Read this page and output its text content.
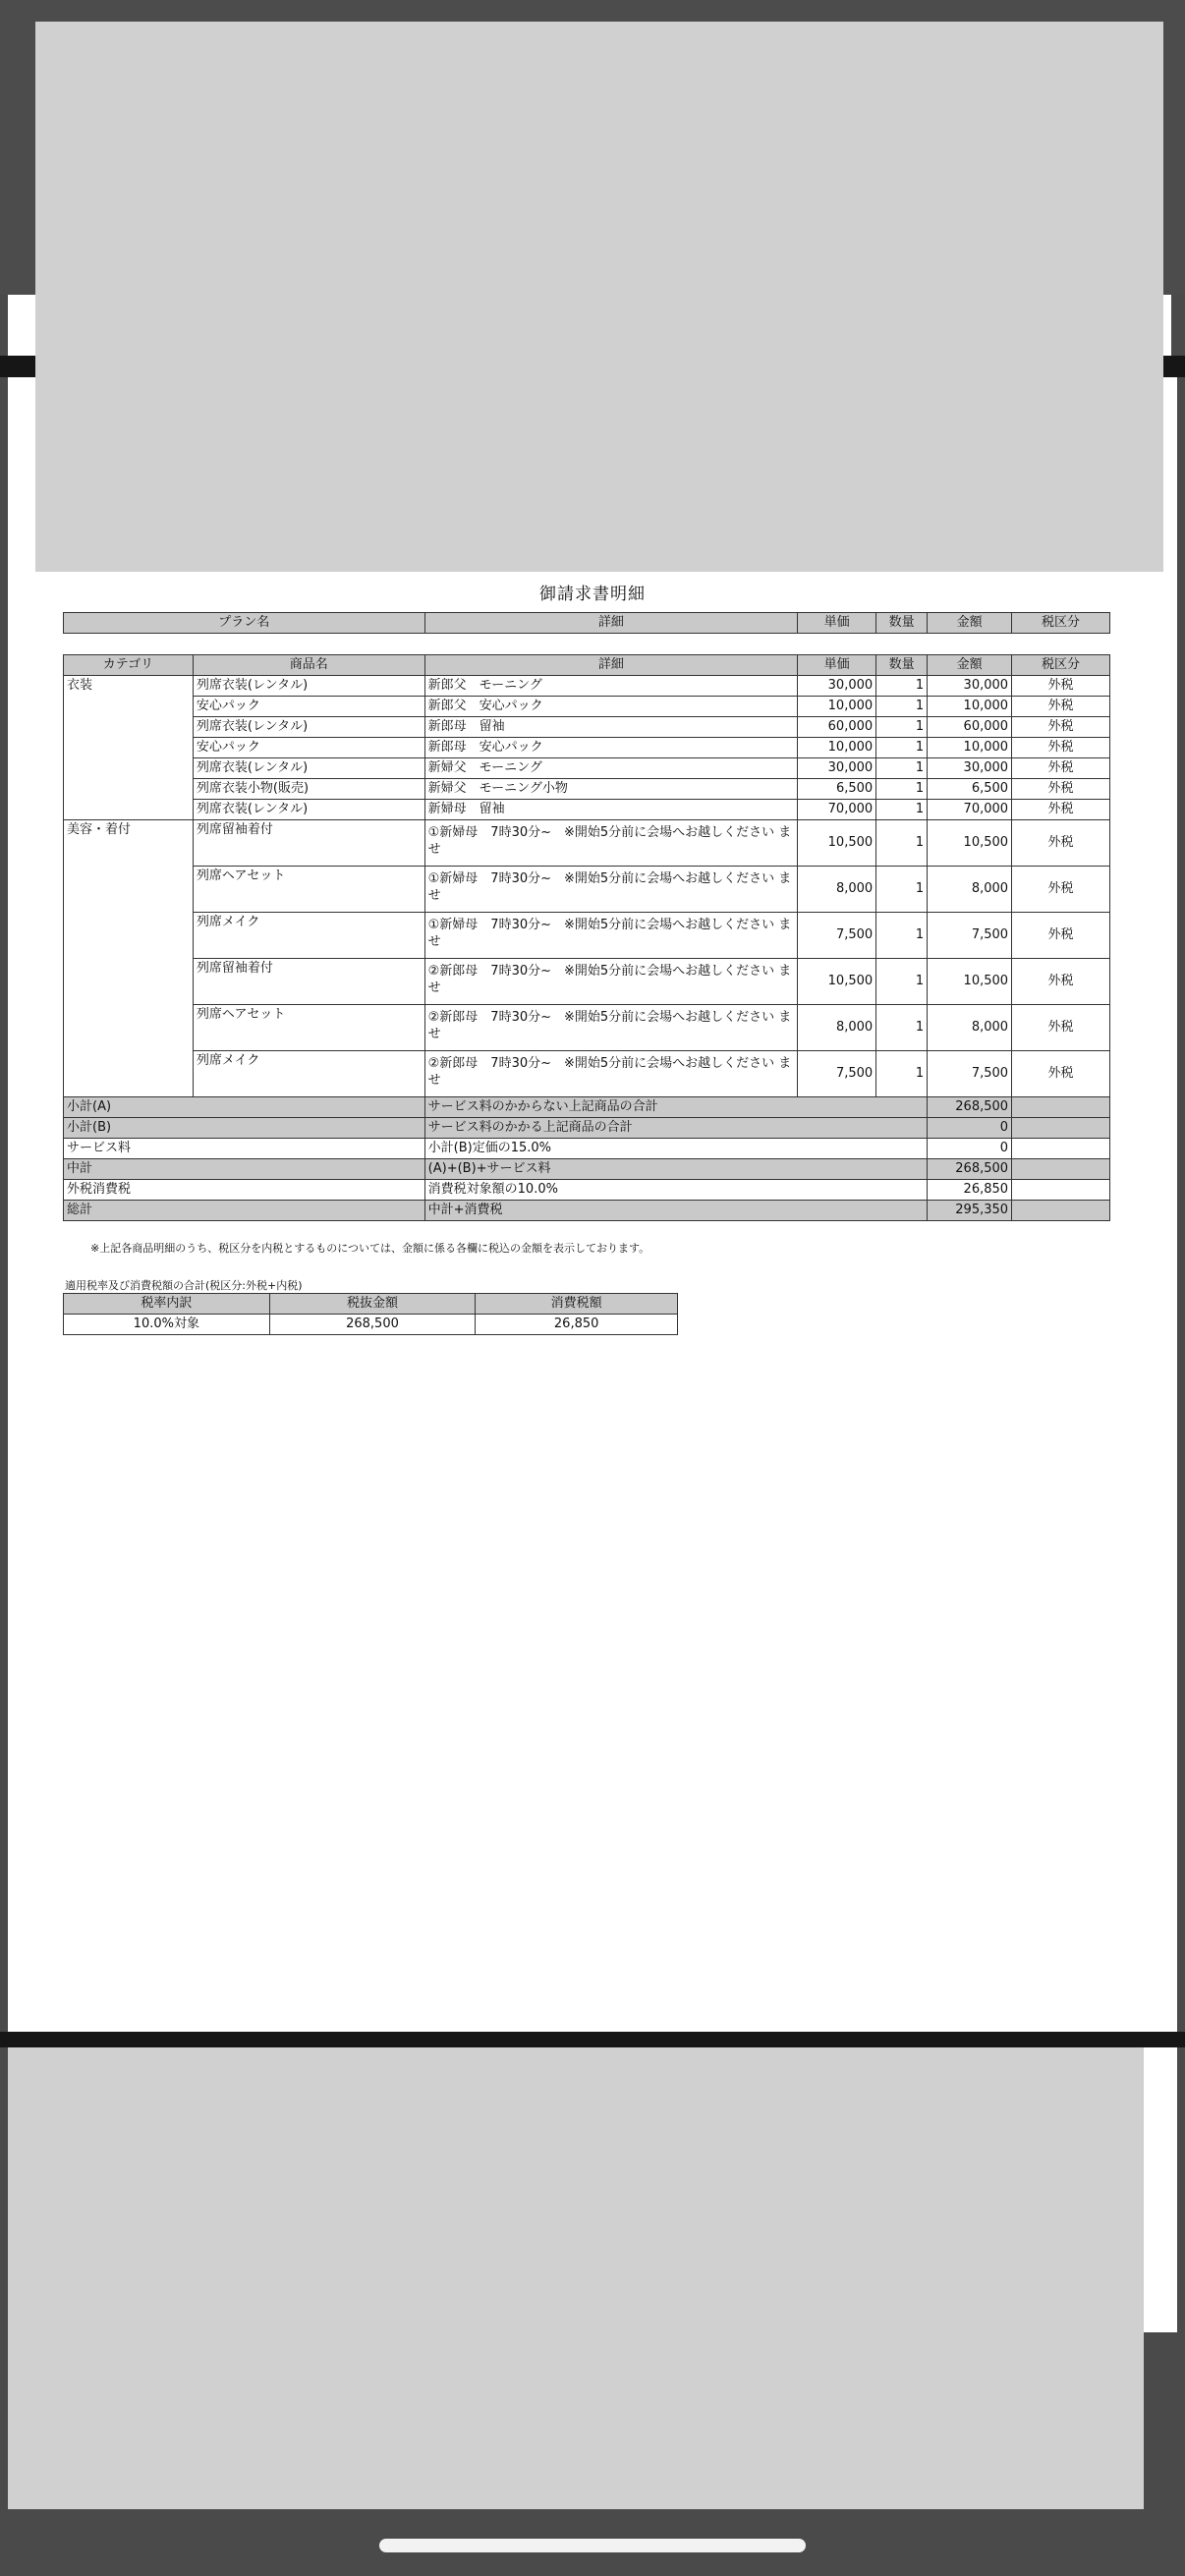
御請求書明細
プラン名	詳細	単価	数量	金額	税区分
カテゴリ	商品名	詳細	単価	数量	金額	税区分
衣装	列席衣装(レンタル)	新郎父　モーニング	30,000	1	30,000	外税
	安心パック	新郎父　安心パック	10,000	1	10,000	外税
	列席衣装(レンタル)	新郎母　留袖	60,000	1	60,000	外税
	安心パック	新郎母　安心パック	10,000	1	10,000	外税
	列席衣装(レンタル)	新婦父　モーニング	30,000	1	30,000	外税
	列席衣装小物(販売)	新婦父　モーニング小物	6,500	1	6,500	外税
	列席衣装(レンタル)	新婦母　留袖	70,000	1	70,000	外税
美容・着付	列席留袖着付	①新婦母　7時30分~　※開始5分前に会場へお越しください ませ	10,500	1	10,500	外税
	列席ヘアセット	①新婦母　7時30分~　※開始5分前に会場へお越しください ませ	8,000	1	8,000	外税
	列席メイク	①新婦母　7時30分~　※開始5分前に会場へお越しください ませ	7,500	1	7,500	外税
	列席留袖着付	②新郎母　7時30分~　※開始5分前に会場へお越しください ませ	10,500	1	10,500	外税
	列席ヘアセット	②新郎母　7時30分~　※開始5分前に会場へお越しください ませ	8,000	1	8,000	外税
	列席メイク	②新郎母　7時30分~　※開始5分前に会場へお越しください ませ	7,500	1	7,500	外税
小計(A)		サービス料のかからない上記商品の合計			268,500	
小計(B)		サービス料のかかる上記商品の合計			0	
サービス料		小計(B)定価の15.0%			0	
中計		(A)+(B)+サービス料			268,500	
外税消費税		消費税対象額の10.0%			26,850	
総計		中計+消費税			295,350	
※上記各商品明細のうち、税区分を内税とするものについては、金額に係る各欄に税込の金額を表示しております。
適用税率及び消費税額の合計(税区分:外税+内税)
税率内訳	税抜金額	消費税額
10.0%対象	268,500	26,850
